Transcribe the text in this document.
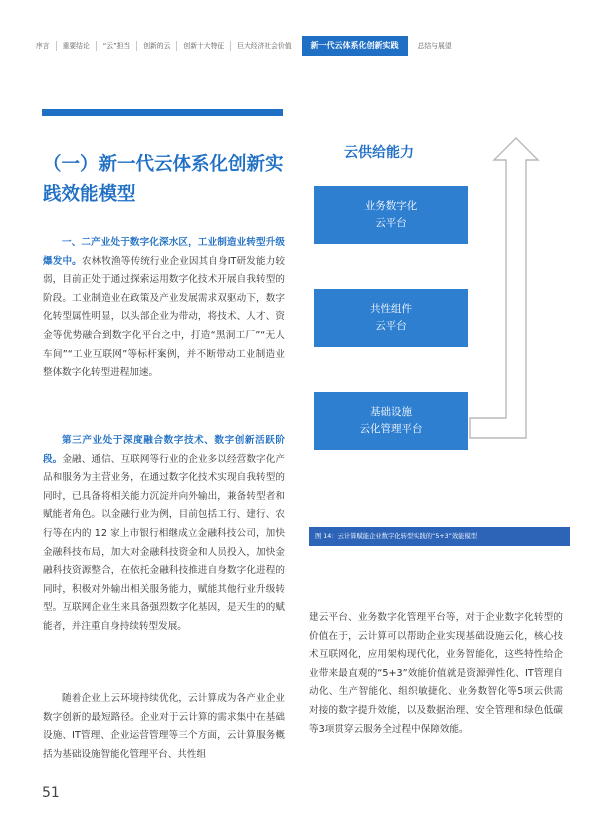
序言	重要结论	“云”担当	创新的云	创新十大特征	巨大经济社会价值	新一代云体系化创新实践	总结与展望
（一）新一代云体系化创新实践效能模型

一、二产业处于数字化深水区，工业制造业转型升级爆发中。农林牧渔等传统行业企业因其自身IT研发能力较弱，目前正处于通过探索运用数字化技术开展自我转型的阶段。工业制造业在政策及产业发展需求双驱动下，数字化转型属性明显，以头部企业为带动，将技术、人才、资金等优势融合到数字化平台之中，打造“黑洞工厂”“无人车间”“工业互联网”等标杆案例，并不断带动工业制造业整体数字化转型进程加速。

第三产业处于深度融合数字技术、数字创新活跃阶段。金融、通信、互联网等行业的企业多以经营数字化产品和服务为主营业务，在通过数字化技术实现自我转型的同时，已具备将相关能力沉淀并向外输出，兼备转型者和赋能者角色。以金融行业为例，目前包括工行、建行、农行等在内的 12 家上市银行相继成立金融科技公司，加快金融科技布局，加大对金融科技资金和人员投入，加快金融科技资源整合，在依托金融科技推进自身数字化进程的同时，积极对外输出相关服务能力，赋能其他行业升级转型。互联网企业生来具备强烈数字化基因，是天生的的赋能者，并注重自身持续转型发展。

随着企业上云环境持续优化，云计算成为各产业企业数字创新的最短路径。企业对于云计算的需求集中在基础设施、IT管理、企业运营管理等三个方面，云计算服务概括为基础设施智能化管理平台、共性组

51
云供给能力
业务数字化
云平台
共性组件
云平台
基础设施
云化管理平台
图 14：云计算赋能企业数字化转型实践的“5+3”效能模型

建云平台、业务数字化管理平台等，对于企业数字化转型的价值在于，云计算可以帮助企业实现基础设施云化，核心技术互联网化，应用架构现代化，业务智能化，这些特性给企业带来最直观的“5+3”效能价值就是资源弹性化、IT管理自动化、生产智能化、组织敏捷化、业务数智化等5项云供需对接的数字提升效能，以及数据治理、安全管理和绿色低碳等3项贯穿云服务全过程中保障效能。
